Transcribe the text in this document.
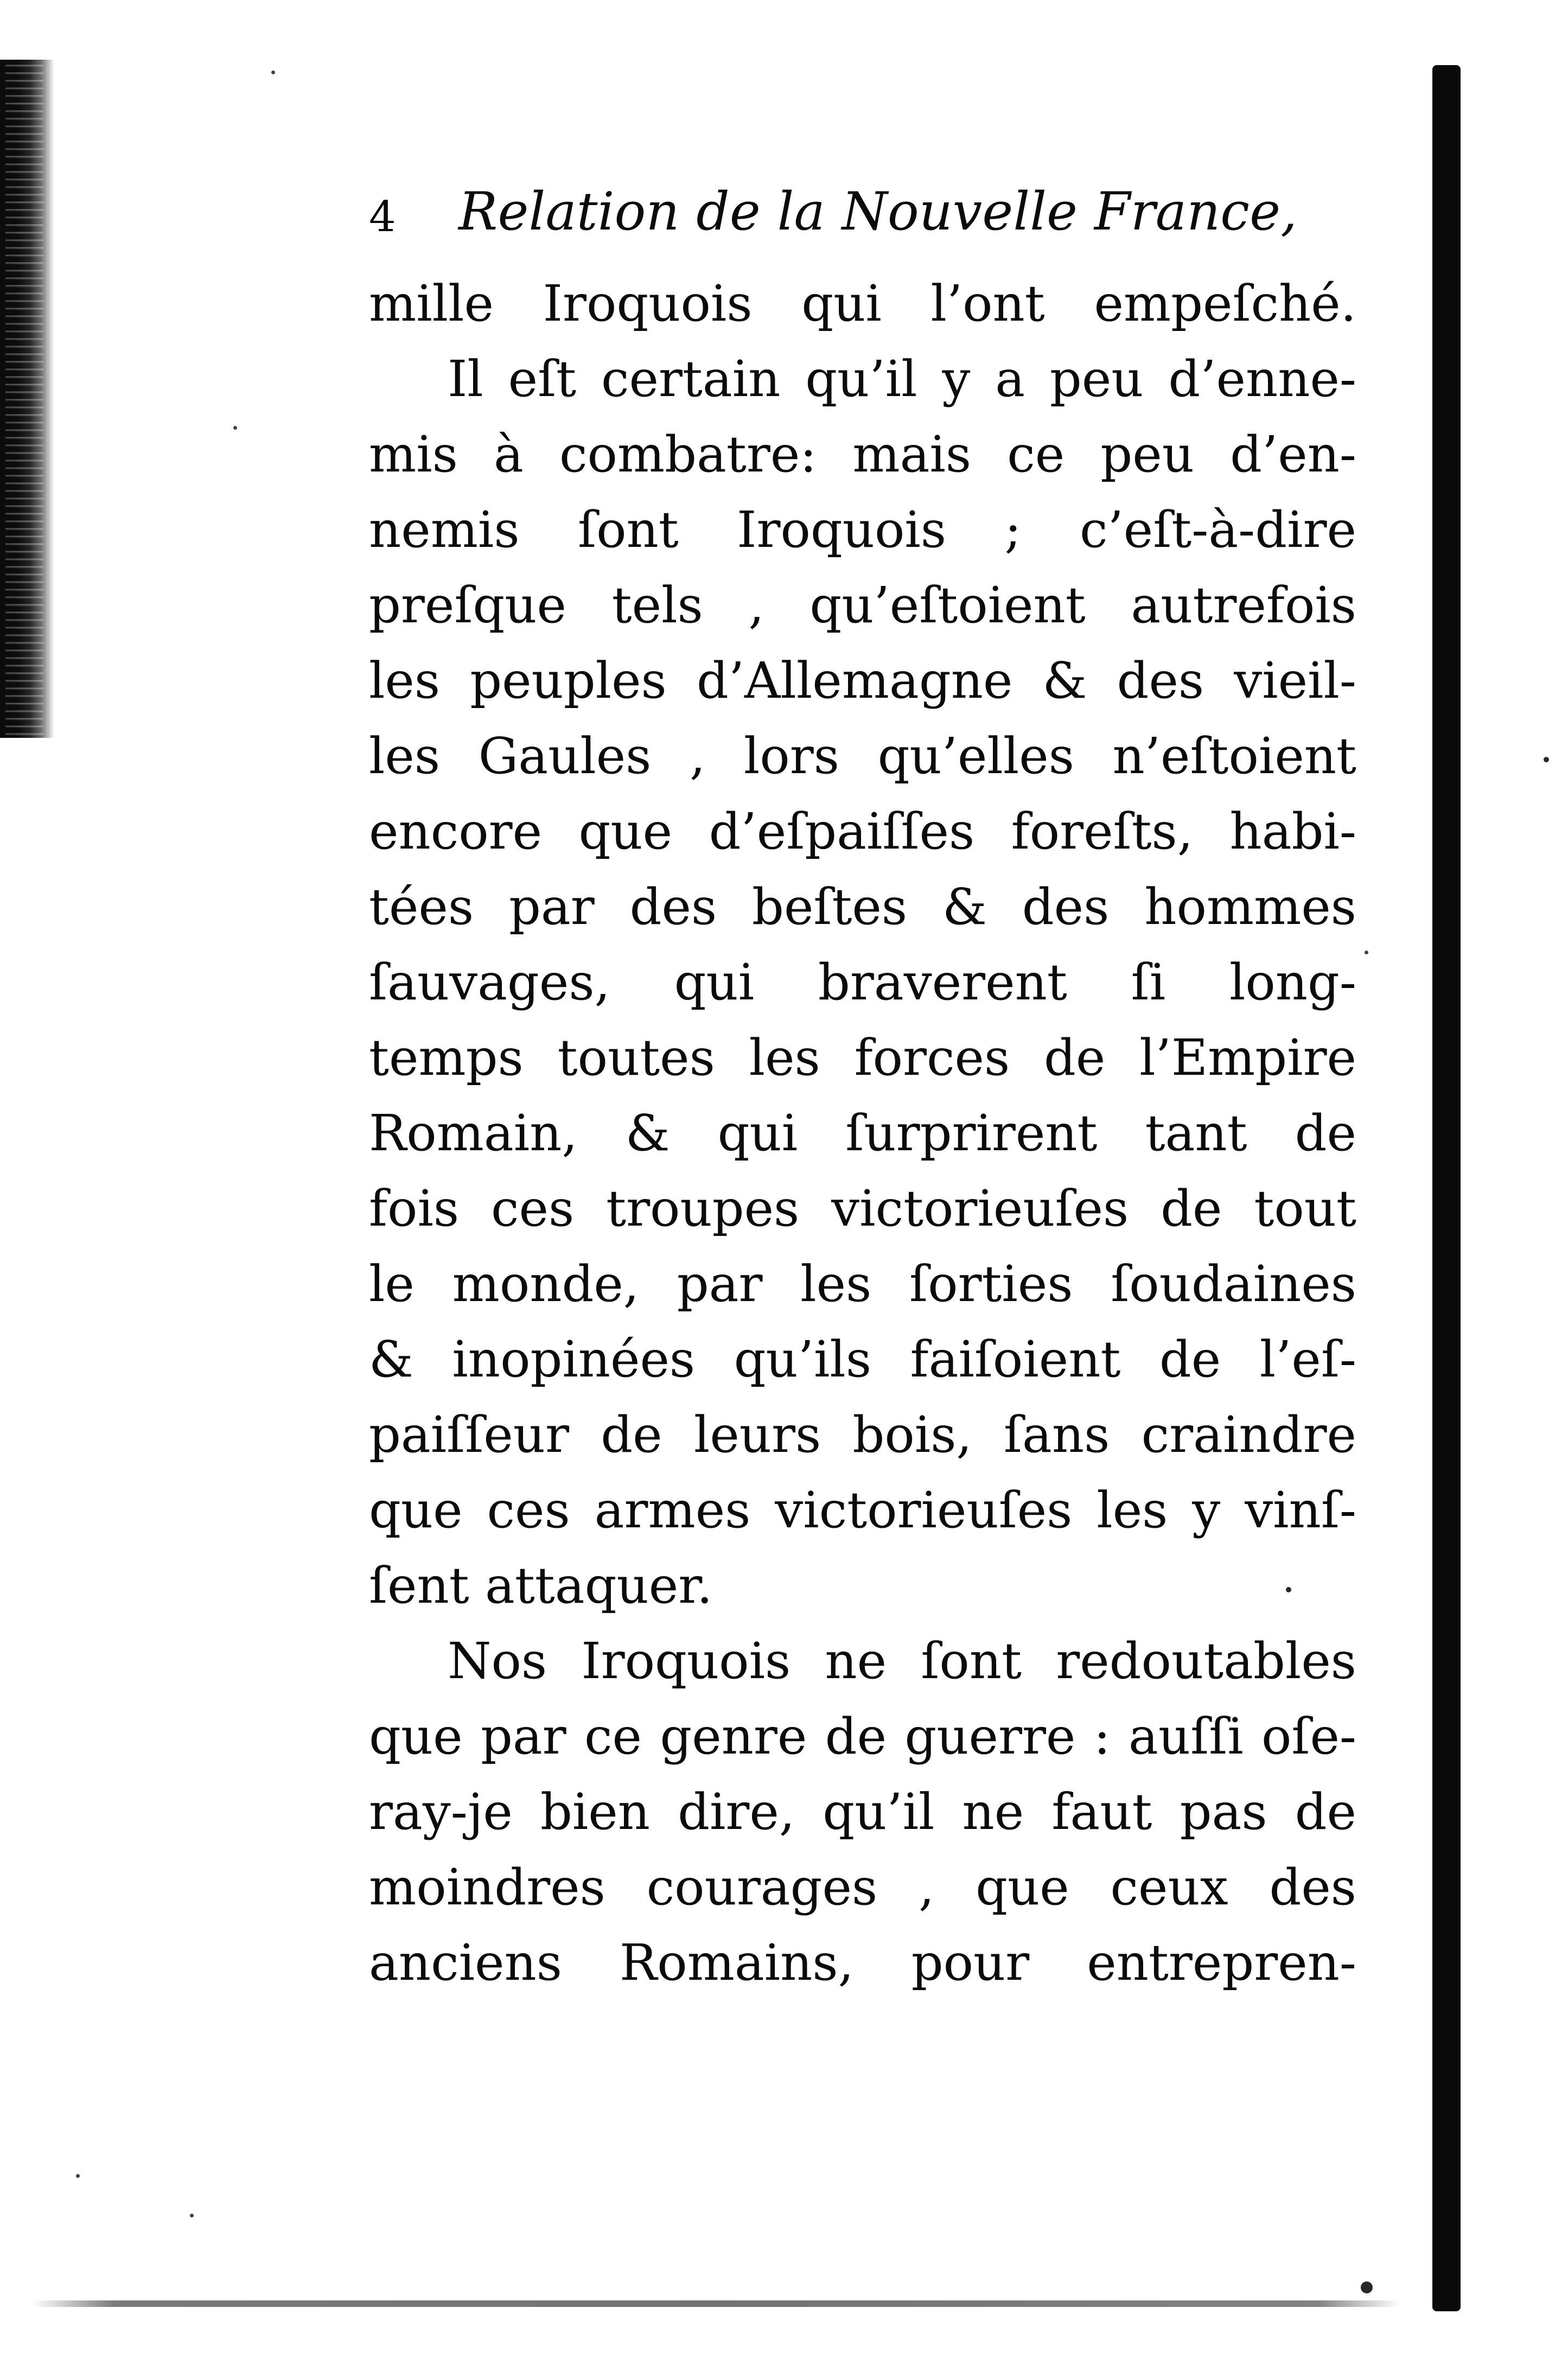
4 Relation de la Nouvelle France,
mille Iroquois qui l’ont empeſché.
Il eſt certain qu’il y a peu d’enne-
mis à combatre: mais ce peu d’en-
nemis ſont Iroquois ; c’eſt-à-dire
preſque tels , qu’eſtoient autrefois
les peuples d’Allemagne & des vieil-
les Gaules , lors qu’elles n’eſtoient
encore que d’eſpaiſſes foreſts, habi-
tées par des beſtes & des hommes
ſauvages, qui braverent ſi long-
temps toutes les forces de l’Empire
Romain, & qui ſurprirent tant de
fois ces troupes victorieuſes de tout
le monde, par les ſorties ſoudaines
& inopinées qu’ils faiſoient de l’eſ-
paiſſeur de leurs bois, ſans craindre
que ces armes victorieuſes les y vinſ-
ſent attaquer.
Nos Iroquois ne ſont redoutables
que par ce genre de guerre : auſſi oſe-
ray-je bien dire, qu’il ne faut pas de
moindres courages , que ceux des
anciens Romains, pour entrepren-
